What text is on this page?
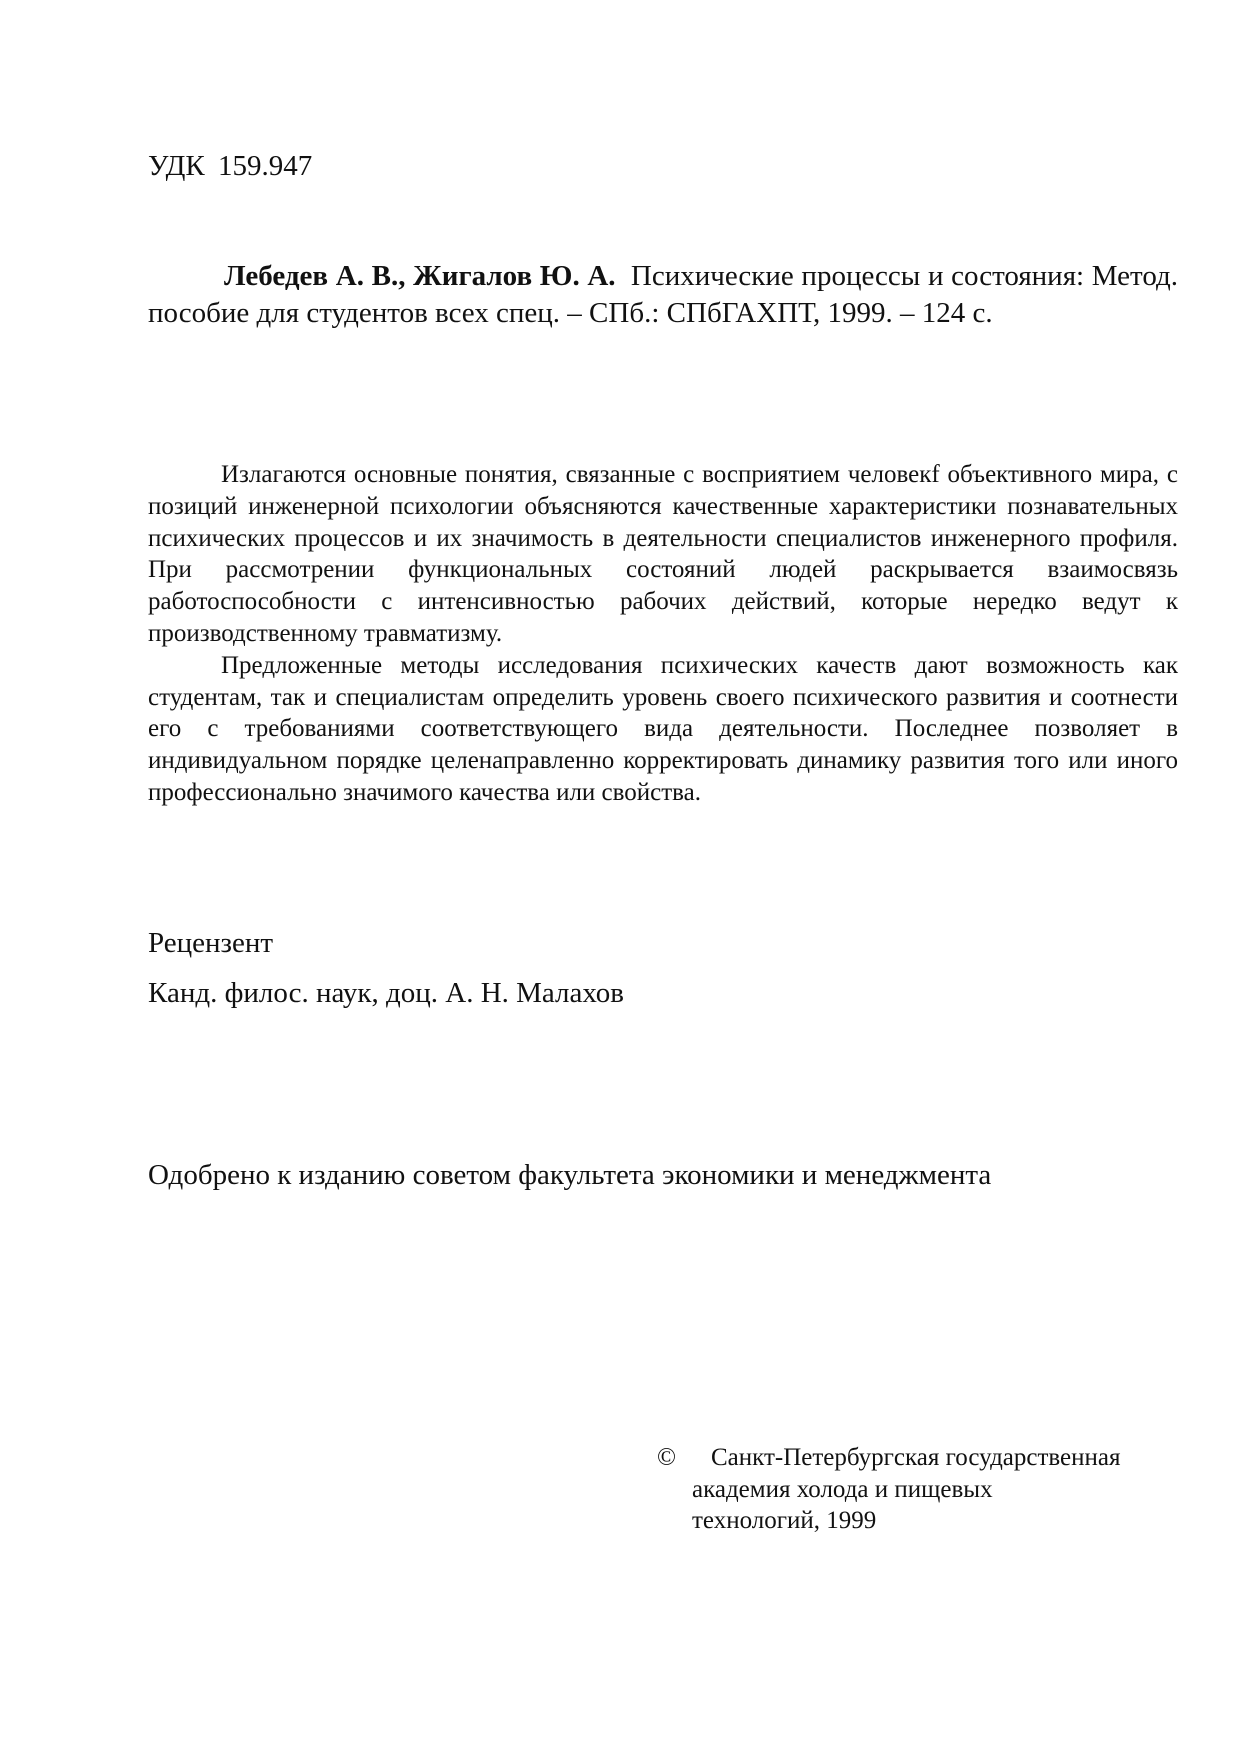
УДК 159.947

Лебедев А. В., Жигалов Ю. А. Психические процессы и состояния: Метод. пособие для студентов всех спец. – СПб.: СПбГАХПТ, 1999. – 124 с.

Излагаются основные понятия, связанные с восприятием человекf объективного мира, с позиций инженерной психологии объясняются качественные характеристики познавательных психических процессов и их значимость в деятельности специалистов инженерного профиля. При рассмотрении функциональных состояний людей раскрывается взаимосвязь работоспособности с интенсивностью рабочих действий, которые нередко ведут к производственному травматизму.

Предложенные методы исследования психических качеств дают возможность как студентам, так и специалистам определить уровень своего психического развития и соотнести его с требованиями соответствующего вида деятельности. Последнее позволяет в индивидуальном порядке целенаправленно корректировать динамику развития того или иного профессионально значимого качества или свойства.

Рецензент
Канд. филос. наук, доц. А. Н. Малахов
Одобрено к изданию советом факультета экономики и менеджмента
©	Санкт-Петербургская государственная
академия холода и пищевых
технологий, 1999
